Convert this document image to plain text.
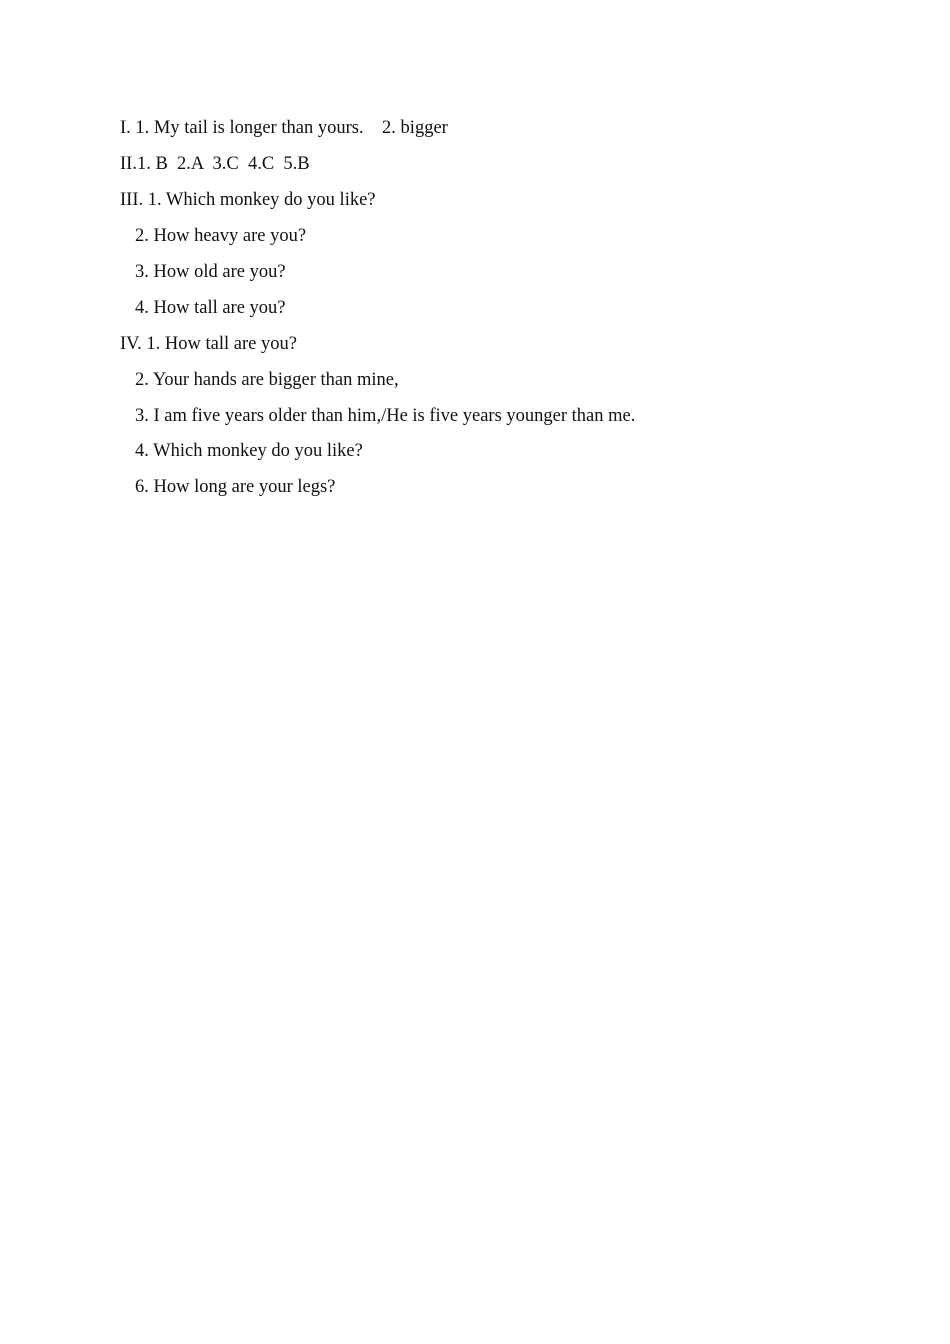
I. 1. My tail is longer than yours.    2. bigger
II.1. B  2.A  3.C  4.C  5.B
III. 1. Which monkey do you like?
2. How heavy are you?
3. How old are you?
4. How tall are you?
IV. 1. How tall are you?
2. Your hands are bigger than mine,
3. I am five years older than him,/He is five years younger than me.
4. Which monkey do you like?
6. How long are your legs?
